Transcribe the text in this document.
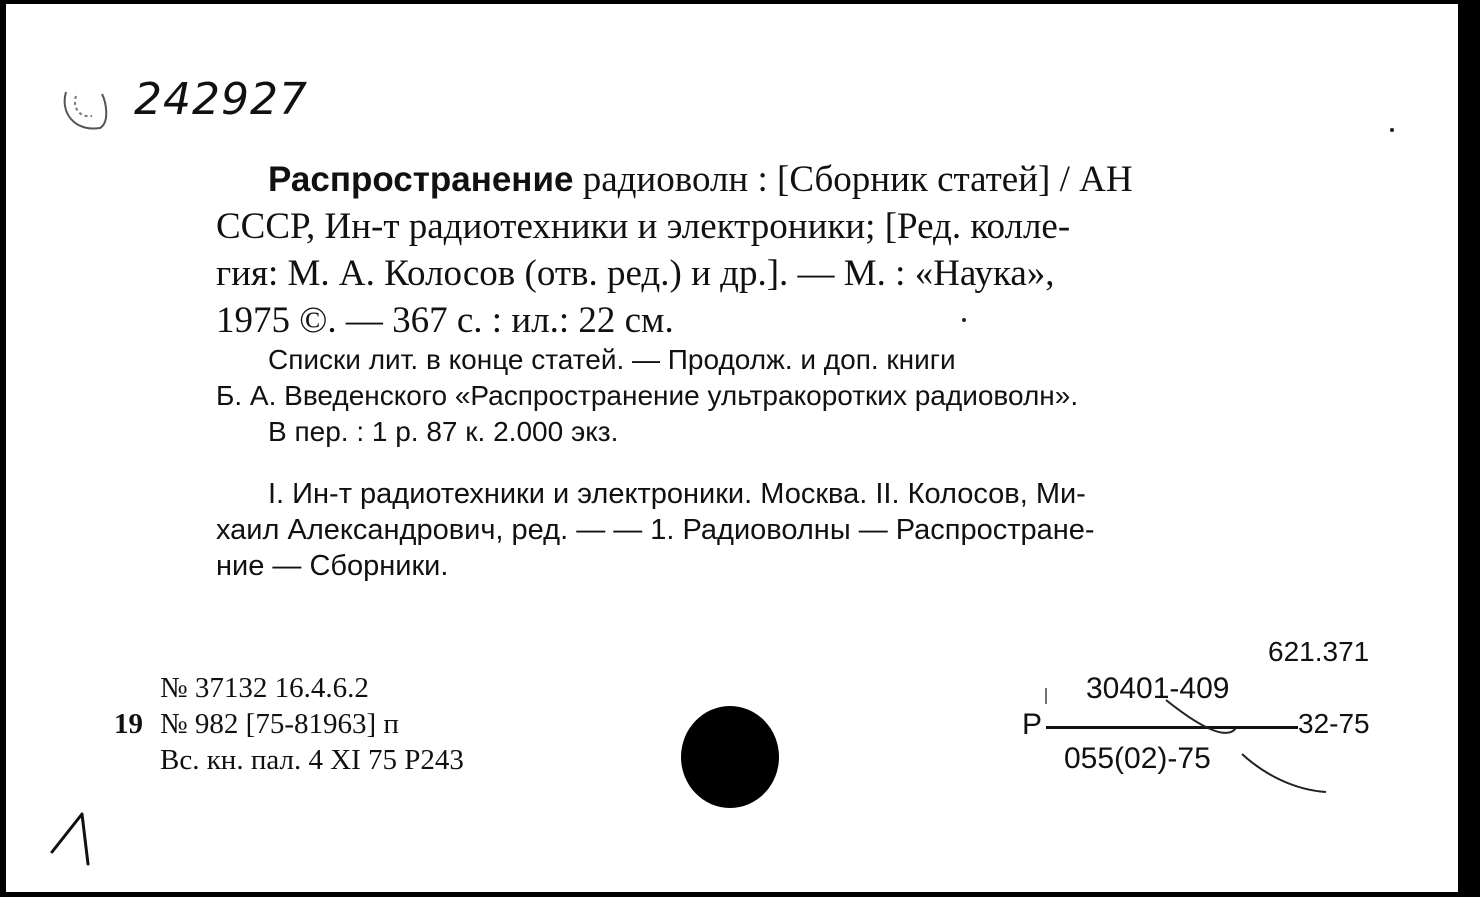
242927
Распространение радиоволн : [Сборник статей] / АН
СССР, Ин-т радиотехники и электроники; [Ред. колле-
гия: М. А. Колосов (отв. ред.) и др.]. — М. : «Наука»,
1975 ©. — 367 с. : ил.: 22 см.
Списки лит. в конце статей. — Продолж. и доп. книги
Б. А. Введенского «Распространение ультракоротких радиоволн».
В пер. : 1 р. 87 к. 2.000 экз.
I. Ин-т радиотехники и электроники. Москва. II. Колосов, Ми-
хаил Александрович, ред. — — 1. Радиоволны — Распростране-
ние — Сборники.
№ 37132 16.4.6.2
19 № 982 [75-81963] п
Вс. кн. пал. 4 XI 75 Р243
621.371
30401-409
Р	32-75
055(02)-75
